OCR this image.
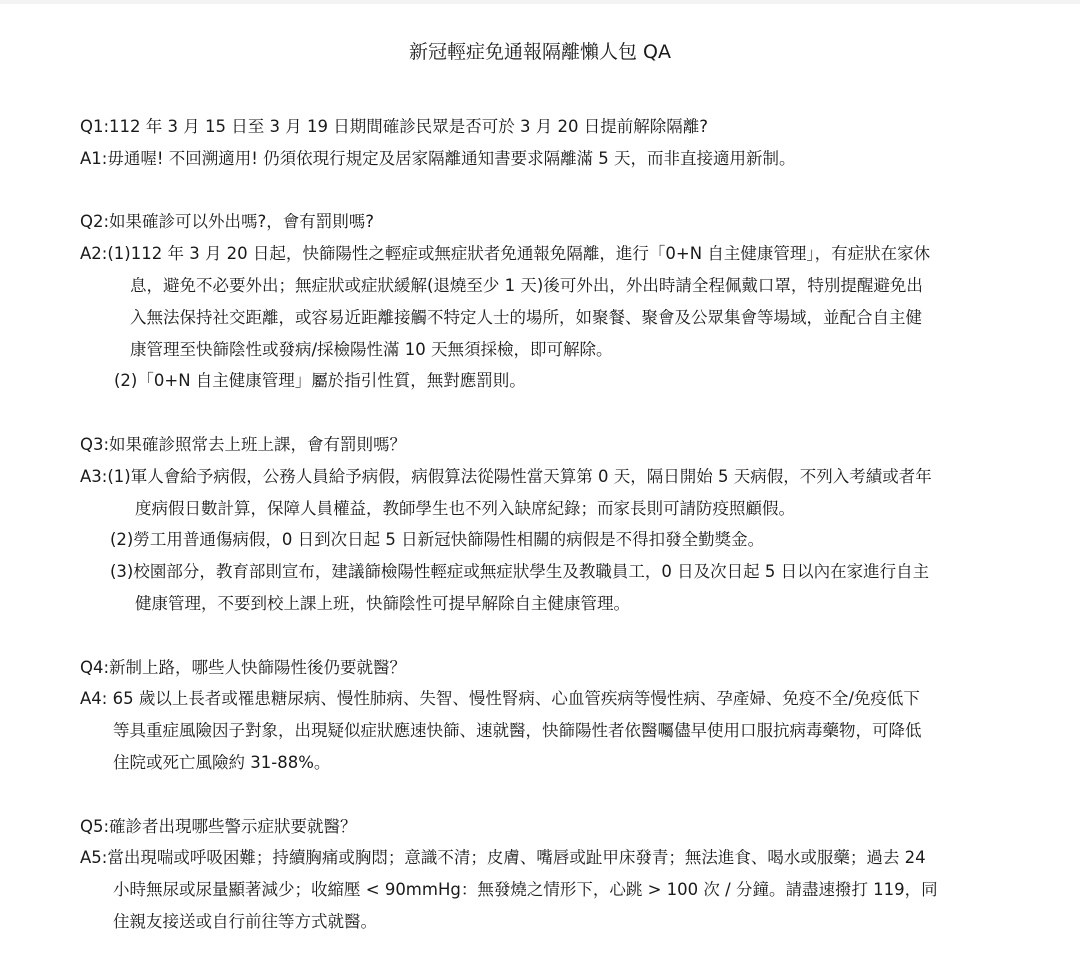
新冠輕症免通報隔離懶人包 QA
Q1:112 年 3 月 15 日至 3 月 19 日期間確診民眾是否可於 3 月 20 日提前解除隔離?
A1:毋通喔! 不回溯適用! 仍須依現行規定及居家隔離通知書要求隔離滿 5 天，而非直接適用新制。
Q2:如果確診可以外出嗎?，會有罰則嗎?
A2:(1)112 年 3 月 20 日起，快篩陽性之輕症或無症狀者免通報免隔離，進行「0+N 自主健康管理」，有症狀在家休
息，避免不必要外出；無症狀或症狀緩解(退燒至少 1 天)後可外出，外出時請全程佩戴口罩，特別提醒避免出
入無法保持社交距離，或容易近距離接觸不特定人士的場所，如聚餐、聚會及公眾集會等場域，並配合自主健
康管理至快篩陰性或發病/採檢陽性滿 10 天無須採檢，即可解除。
(2)「0+N 自主健康管理」屬於指引性質，無對應罰則。
Q3:如果確診照常去上班上課，會有罰則嗎？
A3:(1)軍人會給予病假，公務人員給予病假，病假算法從陽性當天算第 0 天，隔日開始 5 天病假，不列入考績或者年
度病假日數計算，保障人員權益，教師學生也不列入缺席紀錄；而家長則可請防疫照顧假。
(2)勞工用普通傷病假，0 日到次日起 5 日新冠快篩陽性相關的病假是不得扣發全勤獎金。
(3)校園部分，教育部則宣布，建議篩檢陽性輕症或無症狀學生及教職員工，0 日及次日起 5 日以內在家進行自主
健康管理，不要到校上課上班，快篩陰性可提早解除自主健康管理。
Q4:新制上路，哪些人快篩陽性後仍要就醫？
A4: 65 歲以上長者或罹患糖尿病、慢性肺病、失智、慢性腎病、心血管疾病等慢性病、孕產婦、免疫不全/免疫低下
等具重症風險因子對象，出現疑似症狀應速快篩、速就醫，快篩陽性者依醫囑儘早使用口服抗病毒藥物，可降低
住院或死亡風險約 31-88%。
Q5:確診者出現哪些警示症狀要就醫？
A5:當出現喘或呼吸困難；持續胸痛或胸悶；意識不清；皮膚、嘴唇或趾甲床發青；無法進食、喝水或服藥；過去 24
小時無尿或尿量顯著減少；收縮壓 < 90mmHg：無發燒之情形下，心跳 > 100 次 / 分鐘。請盡速撥打 119，同
住親友接送或自行前往等方式就醫。
